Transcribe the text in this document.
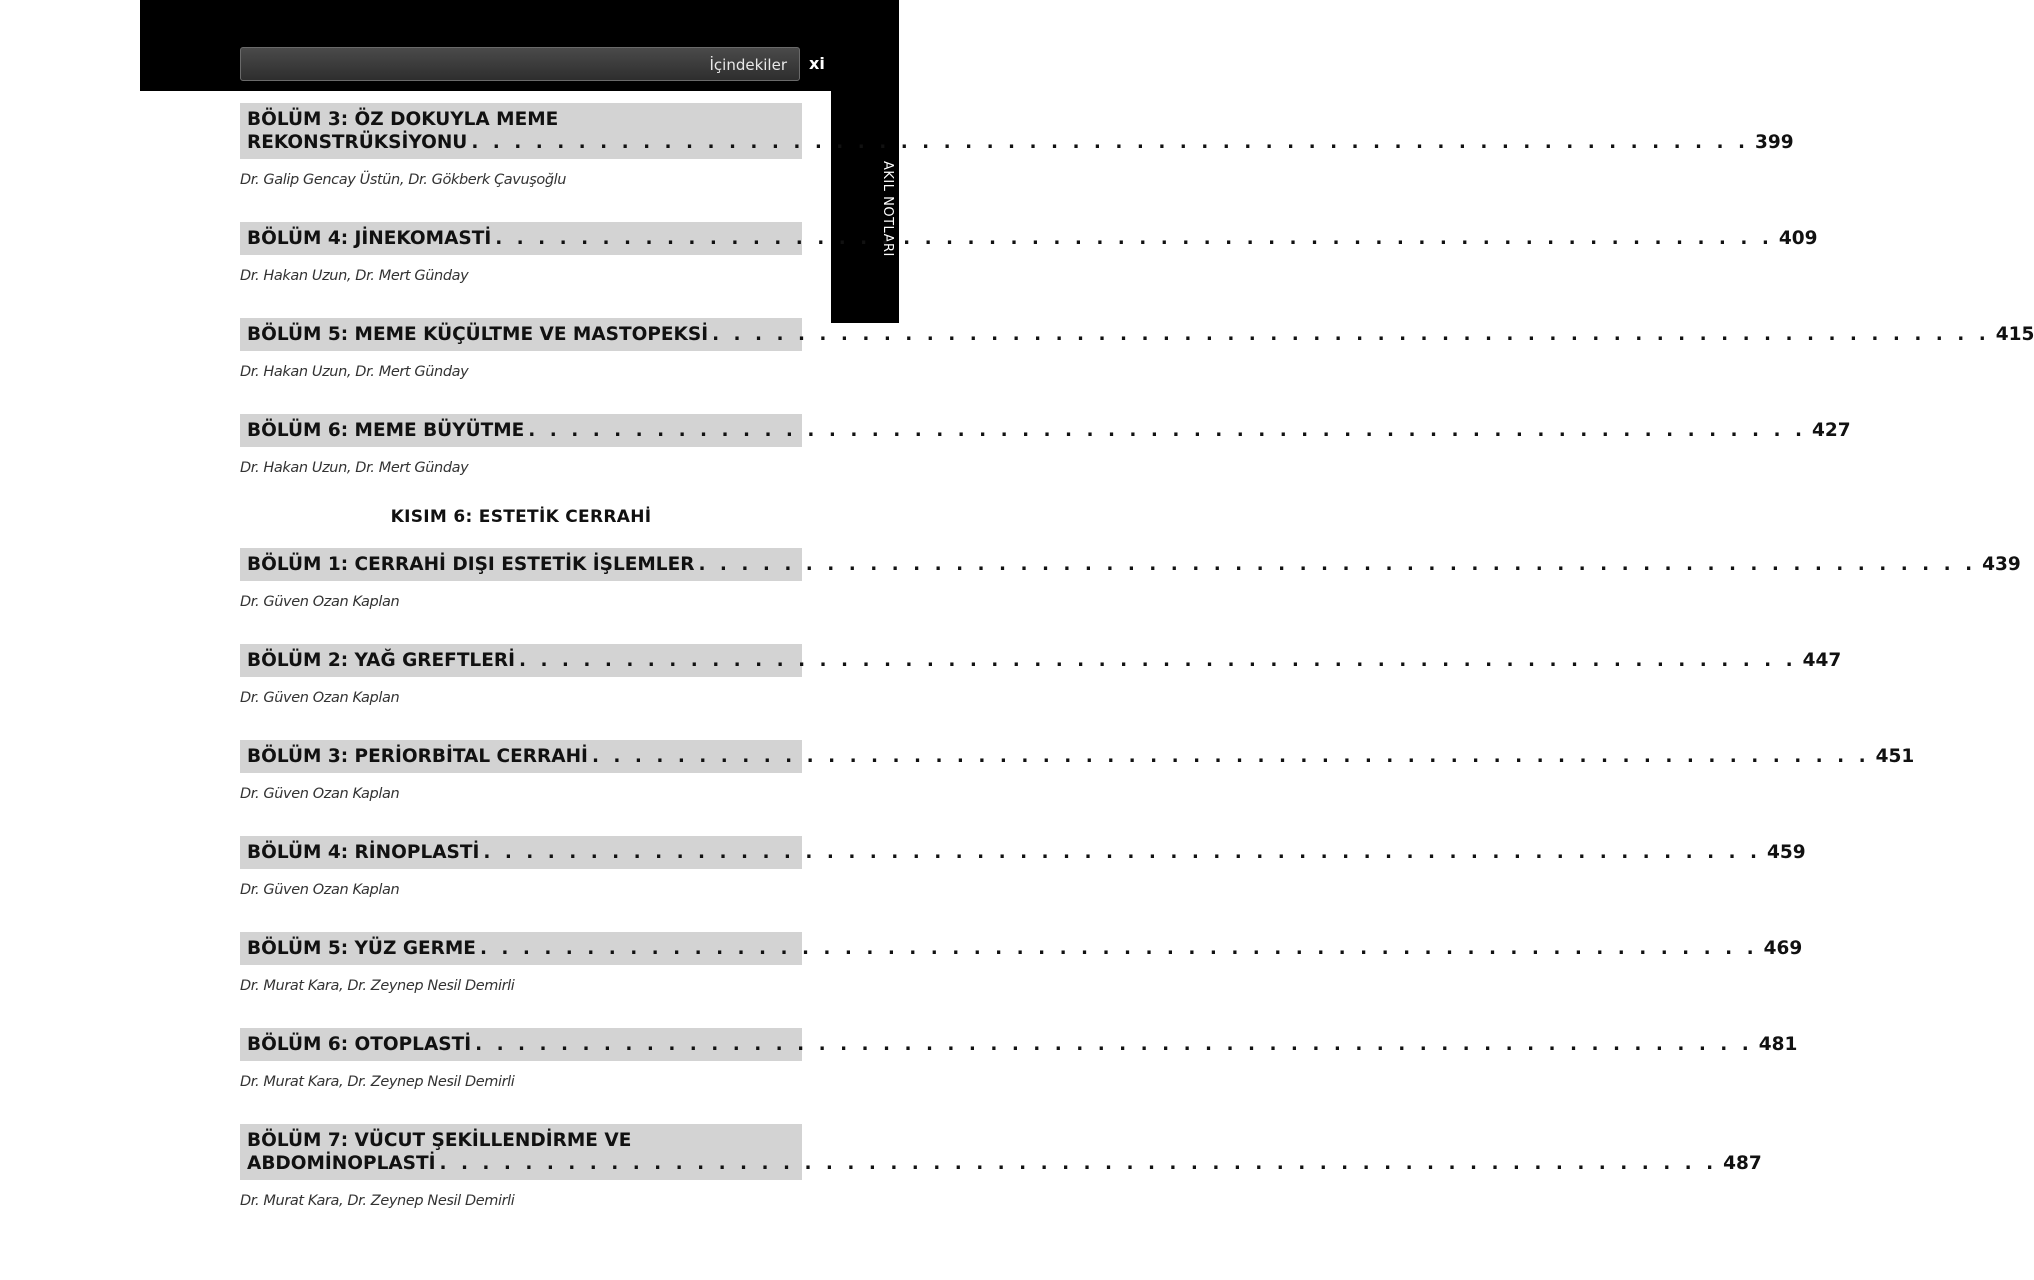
İçindekiler xi
AKIL NOTLARI
BÖLÜM 3: ÖZ DOKUYLA MEME
REKONSTRÜKSİYONU . . . . . . . . . . . . . . . . . . . . . . . . . . . . . . . . . . . . . . . . . . . . . . . . . . . . . . . . . . . . 399
Dr. Galip Gencay Üstün, Dr. Gökberk Çavuşoğlu
BÖLÜM 4: JİNEKOMASTİ . . . . . . . . . . . . . . . . . . . . . . . . . . . . . . . . . . . . . . . . . . . . . . . . . . . . . . . . . . . . 409
Dr. Hakan Uzun, Dr. Mert Günday
BÖLÜM 5: MEME KÜÇÜLTME VE MASTOPEKSİ . . . . . . . . . . . . . . . . . . . . . . . . . . . . . . . . . . . . . . . . . . . . . . . . . . . . . . . . . . . . 415
Dr. Hakan Uzun, Dr. Mert Günday
BÖLÜM 6: MEME BÜYÜTME . . . . . . . . . . . . . . . . . . . . . . . . . . . . . . . . . . . . . . . . . . . . . . . . . . . . . . . . . . . . 427
Dr. Hakan Uzun, Dr. Mert Günday
KISIM 6: ESTETİK CERRAHİ
BÖLÜM 1: CERRAHİ DIŞI ESTETİK İŞLEMLER . . . . . . . . . . . . . . . . . . . . . . . . . . . . . . . . . . . . . . . . . . . . . . . . . . . . . . . . . . . . 439
Dr. Güven Ozan Kaplan
BÖLÜM 2: YAĞ GREFTLERİ . . . . . . . . . . . . . . . . . . . . . . . . . . . . . . . . . . . . . . . . . . . . . . . . . . . . . . . . . . . . 447
Dr. Güven Ozan Kaplan
BÖLÜM 3: PERİORBİTAL CERRAHİ . . . . . . . . . . . . . . . . . . . . . . . . . . . . . . . . . . . . . . . . . . . . . . . . . . . . . . . . . . . . 451
Dr. Güven Ozan Kaplan
BÖLÜM 4: RİNOPLASTİ . . . . . . . . . . . . . . . . . . . . . . . . . . . . . . . . . . . . . . . . . . . . . . . . . . . . . . . . . . . . 459
Dr. Güven Ozan Kaplan
BÖLÜM 5: YÜZ GERME . . . . . . . . . . . . . . . . . . . . . . . . . . . . . . . . . . . . . . . . . . . . . . . . . . . . . . . . . . . . 469
Dr. Murat Kara, Dr. Zeynep Nesil Demirli
BÖLÜM 6: OTOPLASTİ . . . . . . . . . . . . . . . . . . . . . . . . . . . . . . . . . . . . . . . . . . . . . . . . . . . . . . . . . . . . 481
Dr. Murat Kara, Dr. Zeynep Nesil Demirli
BÖLÜM 7: VÜCUT ŞEKİLLENDİRME VE
ABDOMİNOPLASTİ . . . . . . . . . . . . . . . . . . . . . . . . . . . . . . . . . . . . . . . . . . . . . . . . . . . . . . . . . . . . 487
Dr. Murat Kara, Dr. Zeynep Nesil Demirli
